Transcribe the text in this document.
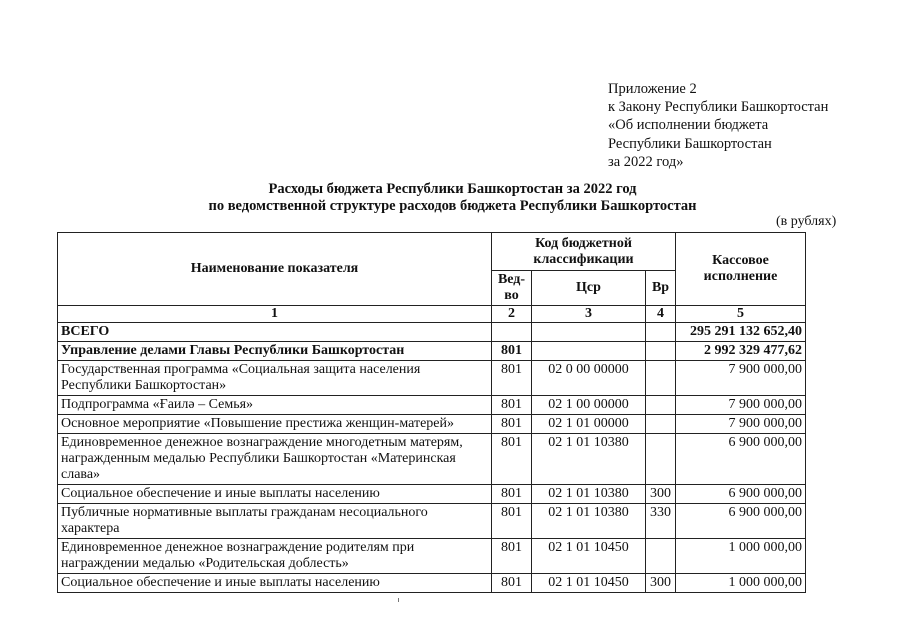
Приложение 2
к Закону Республики Башкортостан
«Об исполнении бюджета
Республики Башкортостан
за 2022 год»
Расходы бюджета Республики Башкортостан за 2022 год
по ведомственной структуре расходов бюджета Республики Башкортостан
(в рублях)
Наименование показателя	Код бюджетной классификации			Кассовое исполнение
	Вед-во	Цср	Вр	
1	2	3	4	5
ВСЕГО				295 291 132 652,40
Управление делами Главы Республики Башкортостан	801			2 992 329 477,62
Государственная программа «Социальная защита населения Республики Башкортостан»	801	02 0 00 00000		7 900 000,00
Подпрограмма «Ғаилә – Семья»	801	02 1 00 00000		7 900 000,00
Основное мероприятие «Повышение престижа женщин-матерей»	801	02 1 01 00000		7 900 000,00
Единовременное денежное вознаграждение многодетным матерям, награжденным медалью Республики Башкортостан «Материнская слава»	801	02 1 01 10380		6 900 000,00
Социальное обеспечение и иные выплаты населению	801	02 1 01 10380	300	6 900 000,00
Публичные нормативные выплаты гражданам несоциального характера	801	02 1 01 10380	330	6 900 000,00
Единовременное денежное вознаграждение родителям при награждении медалью «Родительская доблесть»	801	02 1 01 10450		1 000 000,00
Социальное обеспечение и иные выплаты населению	801	02 1 01 10450	300	1 000 000,00
